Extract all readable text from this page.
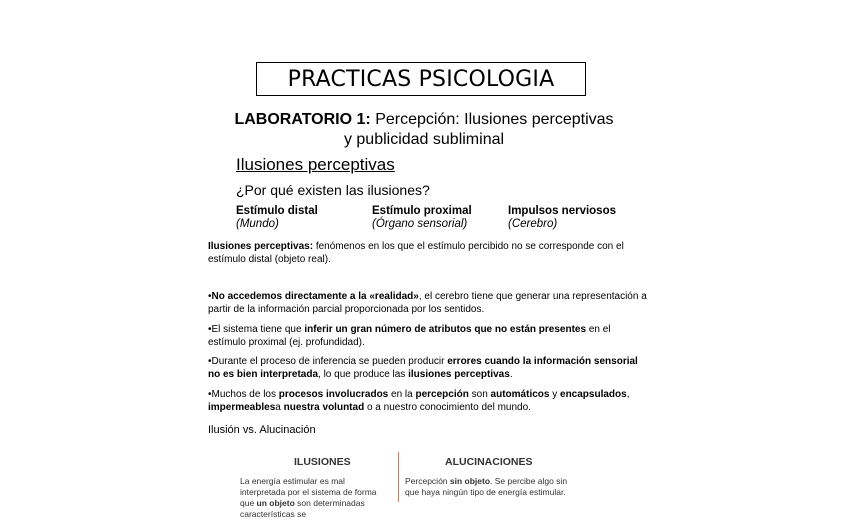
PRACTICAS PSICOLOGIA
LABORATORIO 1: Percepción: Ilusiones perceptivas
y publicidad subliminal
Ilusiones perceptivas
¿Por qué existen las ilusiones?
Estímulo distal
(Mundo)
Estímulo proximal
(Órgano sensorial)
Impulsos nerviosos
(Cerebro)
Ilusiones perceptivas: fenómenos en los que el estímulo percibido no se corresponde con el estímulo distal (objeto real).
•No accedemos directamente a la «realidad», el cerebro tiene que generar una representación a partir de la información parcial proporcionada por los sentidos.
•El sistema tiene que inferir un gran número de atributos que no están presentes en el estímulo proximal (ej. profundidad).
•Durante el proceso de inferencia se pueden producir errores cuando la información sensorial no es bien interpretada, lo que produce las ilusiones perceptivas.
•Muchos de los procesos involucrados en la percepción son automáticos y encapsulados, impermeablesa nuestra voluntad o a nuestro conocimiento del mundo.
Ilusión vs. Alucinación
ILUSIONES
La energía estimular es mal interpretada por el sistema de forma que un objeto son determinadas características se
ALUCINACIONES
Percepción sin objeto. Se percibe algo sin que haya ningún tipo de energía estimular.
